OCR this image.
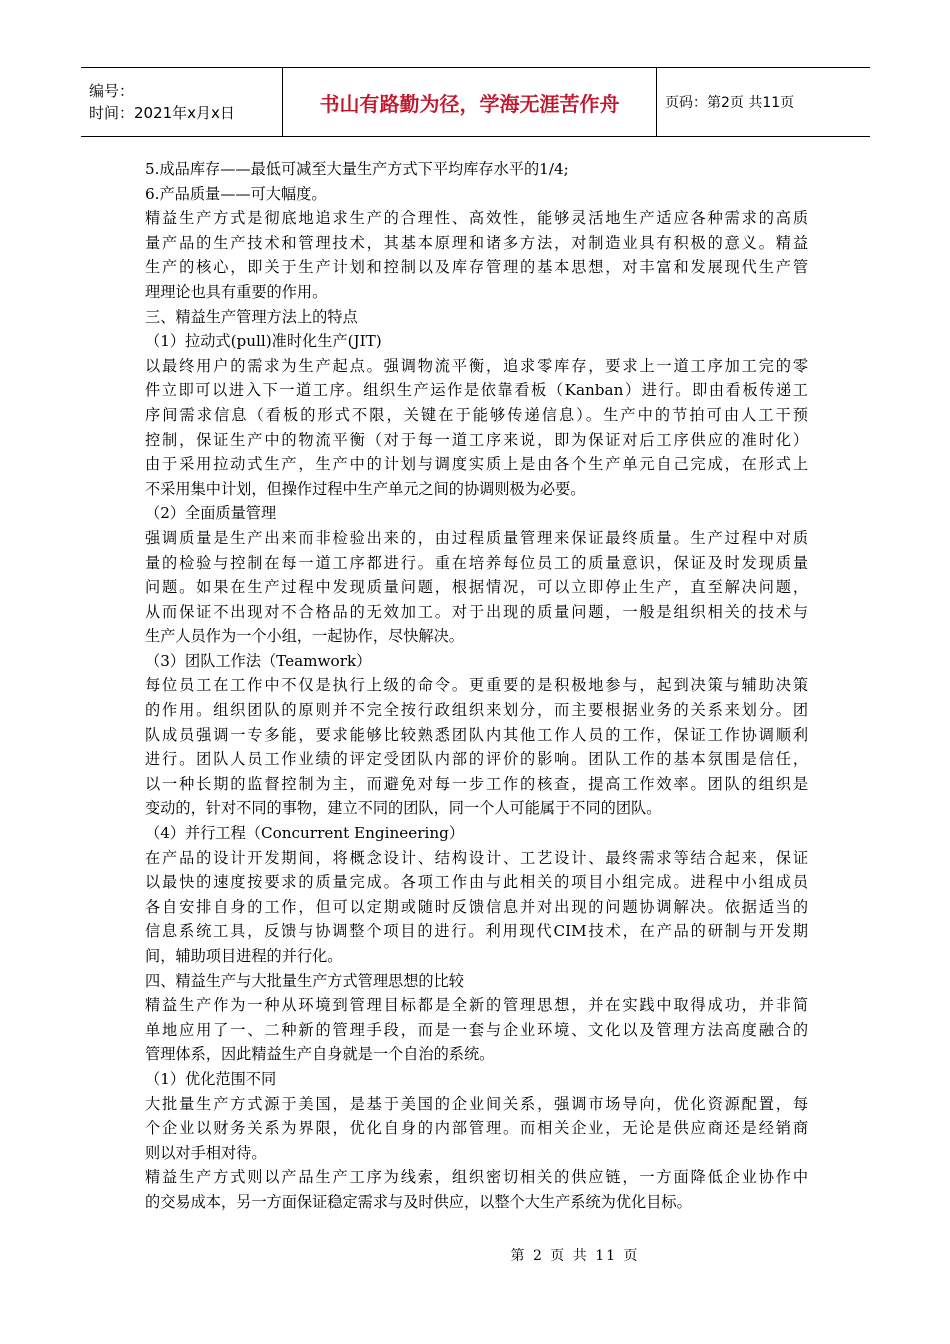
编号：
时间：2021年x月x日	书山有路勤为径，学海无涯苦作舟	页码：第2页 共11页
5.成品库存——最低可减至大量生产方式下平均库存水平的1/4;
6.产品质量——可大幅度。
精益生产方式是彻底地追求生产的合理性、高效性，能够灵活地生产适应各种需求的高质
量产品的生产技术和管理技术，其基本原理和诸多方法，对制造业具有积极的意义。精益
生产的核心，即关于生产计划和控制以及库存管理的基本思想，对丰富和发展现代生产管
理理论也具有重要的作用。
三、精益生产管理方法上的特点
（1）拉动式(pull)准时化生产(JIT)
以最终用户的需求为生产起点。强调物流平衡，追求零库存，要求上一道工序加工完的零
件立即可以进入下一道工序。组织生产运作是依靠看板（Kanban）进行。即由看板传递工
序间需求信息（看板的形式不限，关键在于能够传递信息）。生产中的节拍可由人工干预
控制，保证生产中的物流平衡（对于每一道工序来说，即为保证对后工序供应的准时化）
由于采用拉动式生产，生产中的计划与调度实质上是由各个生产单元自己完成，在形式上
不采用集中计划，但操作过程中生产单元之间的协调则极为必要。
（2）全面质量管理
强调质量是生产出来而非检验出来的，由过程质量管理来保证最终质量。生产过程中对质
量的检验与控制在每一道工序都进行。重在培养每位员工的质量意识，保证及时发现质量
问题。如果在生产过程中发现质量问题，根据情况，可以立即停止生产，直至解决问题，
从而保证不出现对不合格品的无效加工。对于出现的质量问题，一般是组织相关的技术与
生产人员作为一个小组，一起协作，尽快解决。
（3）团队工作法（Teamwork）
每位员工在工作中不仅是执行上级的命令。更重要的是积极地参与，起到决策与辅助决策
的作用。组织团队的原则并不完全按行政组织来划分，而主要根据业务的关系来划分。团
队成员强调一专多能，要求能够比较熟悉团队内其他工作人员的工作，保证工作协调顺利
进行。团队人员工作业绩的评定受团队内部的评价的影响。团队工作的基本氛围是信任，
以一种长期的监督控制为主，而避免对每一步工作的核查，提高工作效率。团队的组织是
变动的，针对不同的事物，建立不同的团队，同一个人可能属于不同的团队。
（4）并行工程（Concurrent Engineering）
在产品的设计开发期间，将概念设计、结构设计、工艺设计、最终需求等结合起来，保证
以最快的速度按要求的质量完成。各项工作由与此相关的项目小组完成。进程中小组成员
各自安排自身的工作，但可以定期或随时反馈信息并对出现的问题协调解决。依据适当的
信息系统工具，反馈与协调整个项目的进行。利用现代CIM技术，在产品的研制与开发期
间，辅助项目进程的并行化。
四、精益生产与大批量生产方式管理思想的比较
精益生产作为一种从环境到管理目标都是全新的管理思想，并在实践中取得成功，并非简
单地应用了一、二种新的管理手段，而是一套与企业环境、文化以及管理方法高度融合的
管理体系，因此精益生产自身就是一个自治的系统。
（1）优化范围不同
大批量生产方式源于美国，是基于美国的企业间关系，强调市场导向，优化资源配置，每
个企业以财务关系为界限，优化自身的内部管理。而相关企业，无论是供应商还是经销商
则以对手相对待。
精益生产方式则以产品生产工序为线索，组织密切相关的供应链，一方面降低企业协作中
的交易成本，另一方面保证稳定需求与及时供应，以整个大生产系统为优化目标。
第 2 页 共 11 页
